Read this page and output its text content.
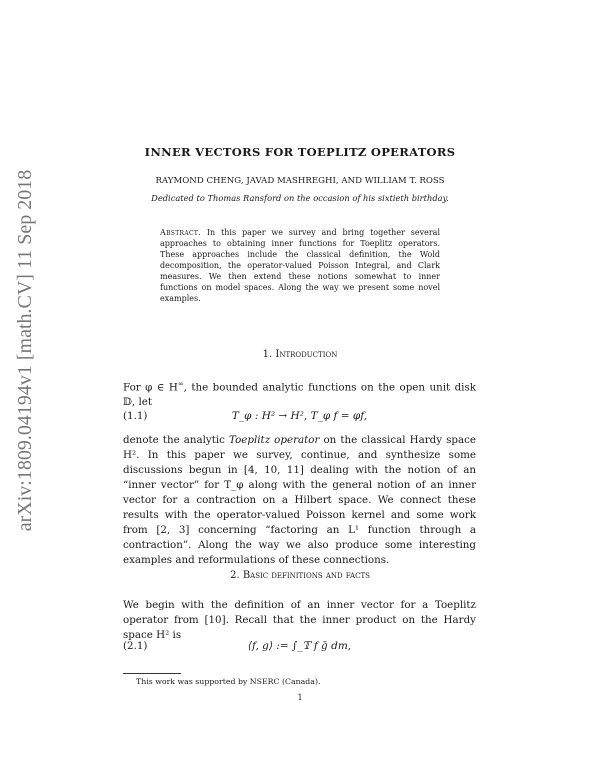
arXiv:1809.04194v1 [math.CV] 11 Sep 2018
INNER VECTORS FOR TOEPLITZ OPERATORS
RAYMOND CHENG, JAVAD MASHREGHI, AND WILLIAM T. ROSS
Dedicated to Thomas Ransford on the occasion of his sixtieth birthday.
Abstract. In this paper we survey and bring together several approaches to obtaining inner functions for Toeplitz operators. These approaches include the classical definition, the Wold decomposition, the operator-valued Poisson Integral, and Clark measures. We then extend these notions somewhat to inner functions on model spaces. Along the way we present some novel examples.
1. Introduction
For φ ∈ H∞, the bounded analytic functions on the open unit disk 𝔻, let
(1.1)	T_φ : H² → H², T_φ f = φf,
denote the analytic Toeplitz operator on the classical Hardy space H². In this paper we survey, continue, and synthesize some discussions begun in [4, 10, 11] dealing with the notion of an “inner vector” for T_φ along with the general notion of an inner vector for a contraction on a Hilbert space. We connect these results with the operator-valued Poisson kernel and some work from [2, 3] concerning “factoring an L¹ function through a contraction”. Along the way we also produce some interesting examples and reformulations of these connections.
2. Basic definitions and facts
We begin with the definition of an inner vector for a Toeplitz operator from [10]. Recall that the inner product on the Hardy space H² is
(2.1)	⟨f, g⟩ := ∫_𝕋 f ḡ dm,
This work was supported by NSERC (Canada).
1
